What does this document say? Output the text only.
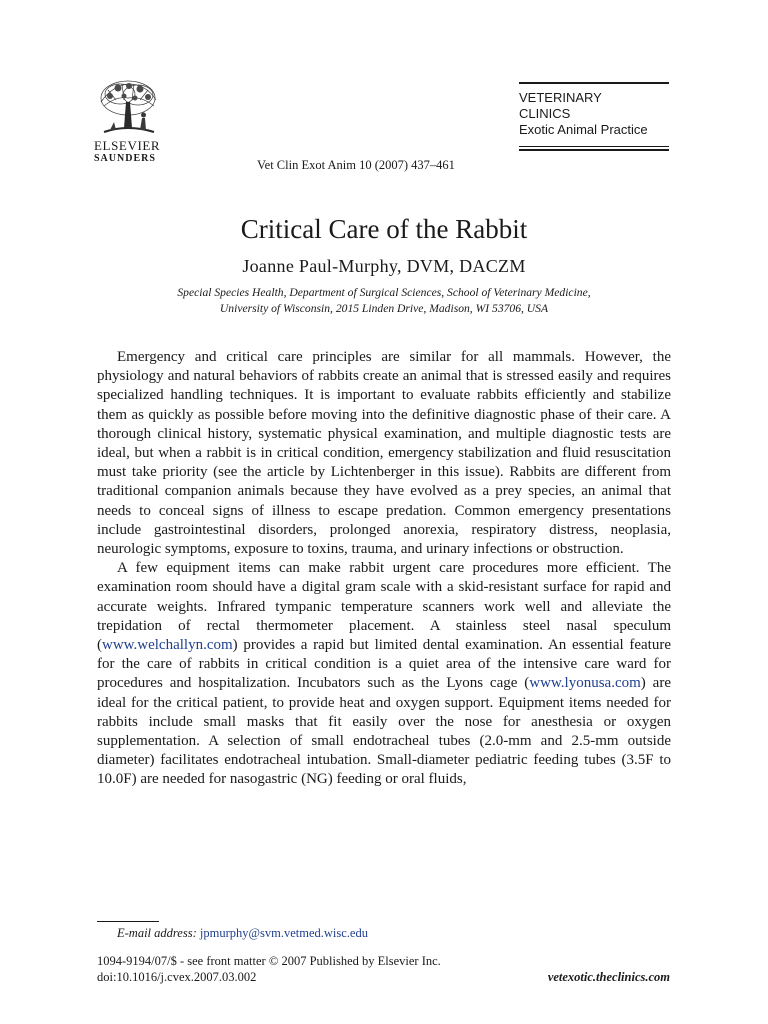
ELSEVIER
SAUNDERS	Vet Clin Exot Anim 10 (2007) 437–461
VETERINARY
CLINICS
Exotic Animal Practice
Critical Care of the Rabbit
Joanne Paul-Murphy, DVM, DACZM
Special Species Health, Department of Surgical Sciences, School of Veterinary Medicine,
University of Wisconsin, 2015 Linden Drive, Madison, WI 53706, USA

Emergency and critical care principles are similar for all mammals. However, the physiology and natural behaviors of rabbits create an animal that is stressed easily and requires specialized handling techniques. It is important to evaluate rabbits efficiently and stabilize them as quickly as possible before moving into the definitive diagnostic phase of their care. A thorough clinical history, systematic physical examination, and multiple diagnostic tests are ideal, but when a rabbit is in critical condition, emergency stabilization and fluid resuscitation must take priority (see the article by Lichtenberger in this issue). Rabbits are different from traditional companion animals because they have evolved as a prey species, an animal that needs to conceal signs of illness to escape predation. Common emergency presentations include gastrointestinal disorders, prolonged anorexia, respiratory distress, neoplasia, neurologic symptoms, exposure to toxins, trauma, and urinary infections or obstruction.

A few equipment items can make rabbit urgent care procedures more efficient. The examination room should have a digital gram scale with a skid-resistant surface for rapid and accurate weights. Infrared tympanic temperature scanners work well and alleviate the trepidation of rectal thermometer placement. A stainless steel nasal speculum (www.welchallyn.com) provides a rapid but limited dental examination. An essential feature for the care of rabbits in critical condition is a quiet area of the intensive care ward for procedures and hospitalization. Incubators such as the Lyons cage (www.lyonusa.com) are ideal for the critical patient, to provide heat and oxygen support. Equipment items needed for rabbits include small masks that fit easily over the nose for anesthesia or oxygen supplementation. A selection of small endotracheal tubes (2.0-mm and 2.5-mm outside diameter) facilitates endotracheal intubation. Small-diameter pediatric feeding tubes (3.5F to 10.0F) are needed for nasogastric (NG) feeding or oral fluids,

E-mail address: jpmurphy@svm.vetmed.wisc.edu
1094-9194/07/$ - see front matter © 2007 Published by Elsevier Inc.
doi:10.1016/j.cvex.2007.03.002	vetexotic.theclinics.com
